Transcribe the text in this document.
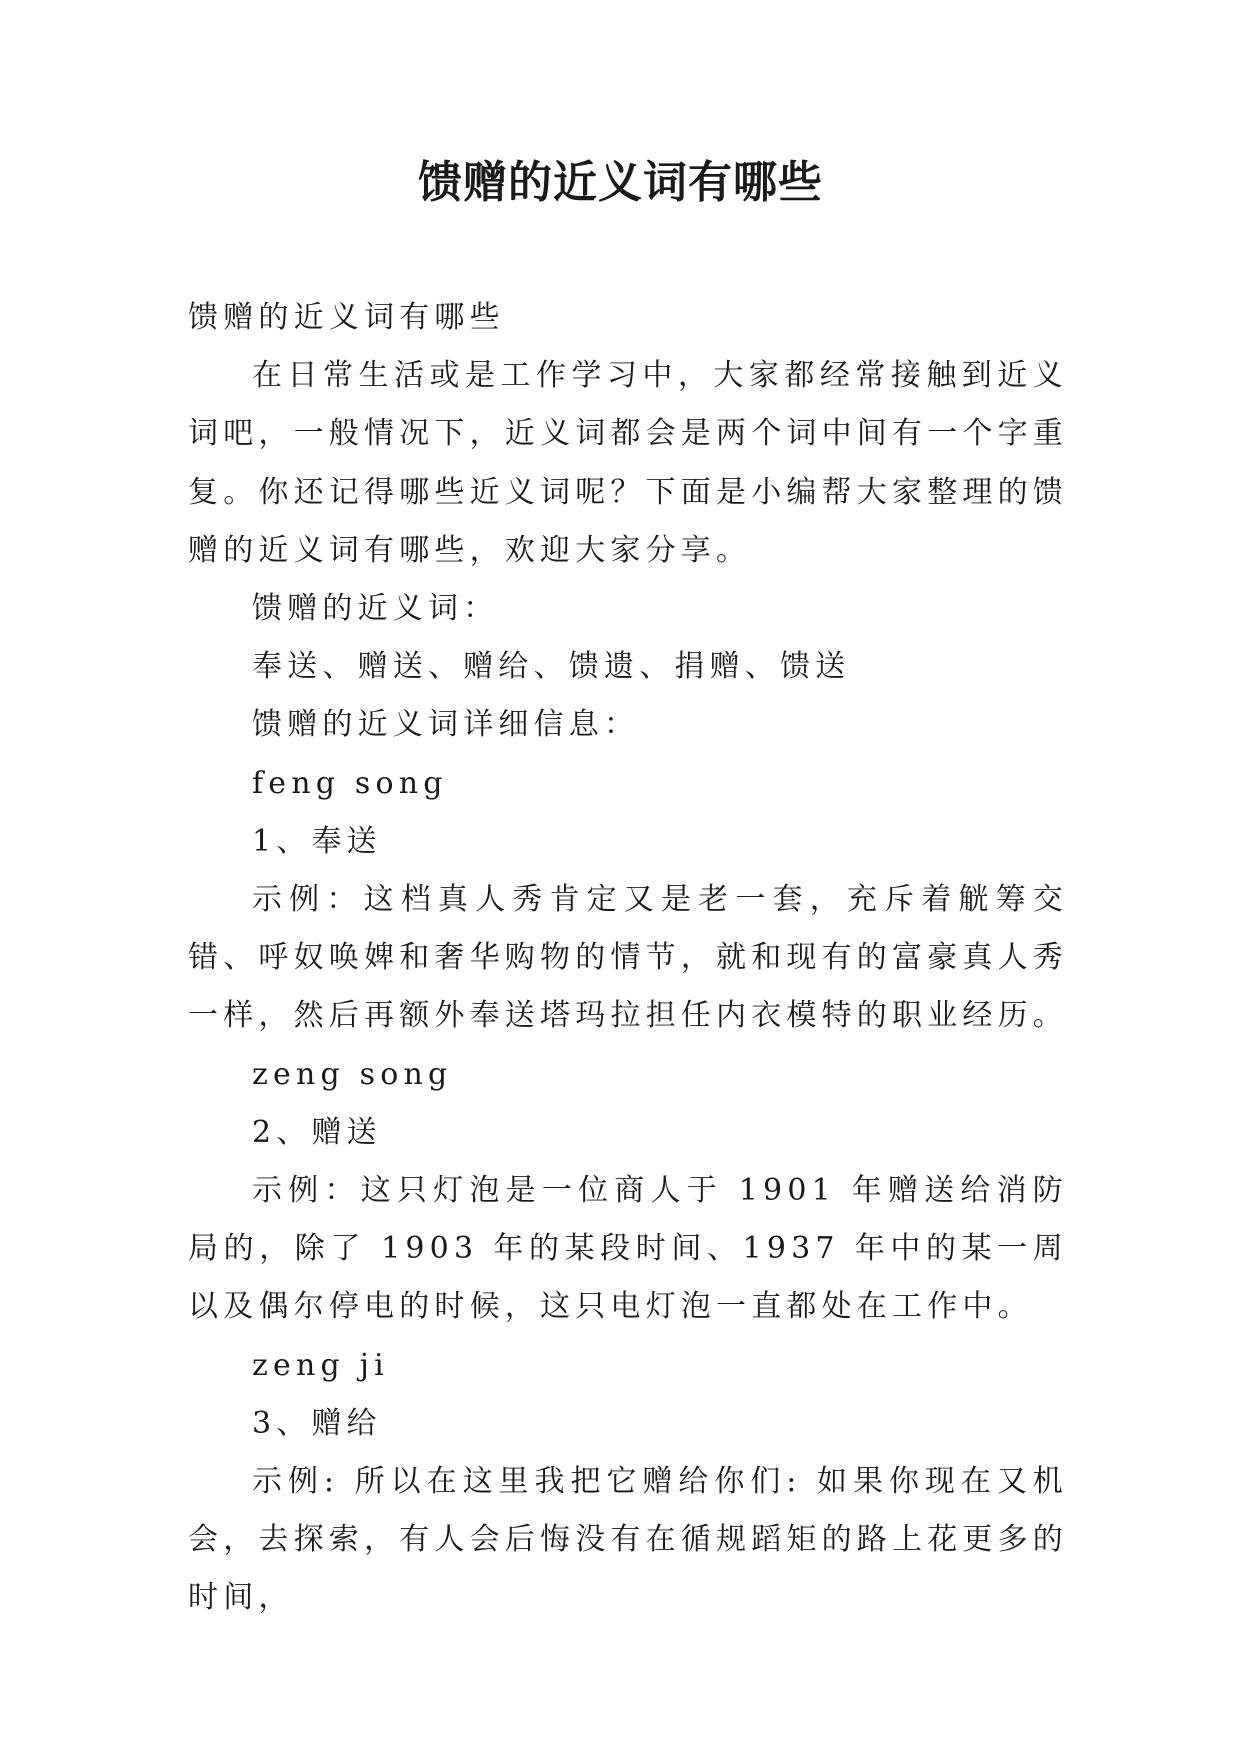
馈赠的近义词有哪些

馈赠的近义词有哪些

在日常生活或是工作学习中，大家都经常接触到近义词吧，一般情况下，近义词都会是两个词中间有一个字重复。你还记得哪些近义词呢？下面是小编帮大家整理的馈赠的近义词有哪些，欢迎大家分享。

馈赠的近义词：

奉送、赠送、赠给、馈遗、捐赠、馈送

馈赠的近义词详细信息：

feng song

1、奉送

示例：这档真人秀肯定又是老一套，充斥着觥筹交错、呼奴唤婢和奢华购物的情节，就和现有的富豪真人秀一样，然后再额外奉送塔玛拉担任内衣模特的职业经历。

zeng song

2、赠送

示例：这只灯泡是一位商人于 1901 年赠送给消防局的，除了 1903 年的某段时间、1937 年中的某一周以及偶尔停电的时候，这只电灯泡一直都处在工作中。

zeng ji

3、赠给

示例: 所以在这里我把它赠给你们: 如果你现在又机会，去探索，有人会后悔没有在循规蹈矩的路上花更多的时间，
